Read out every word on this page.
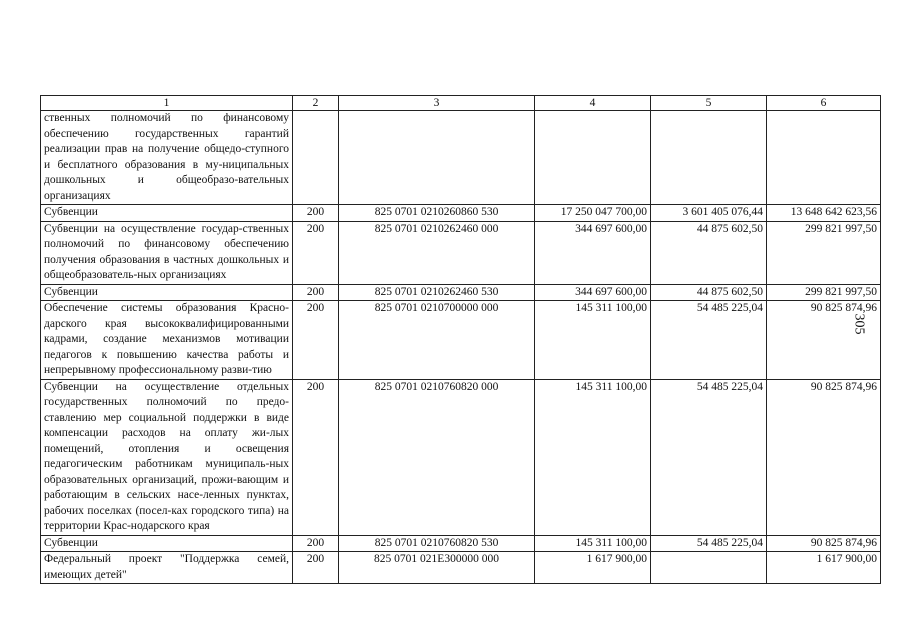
1	2	3	4	5	6
ственных полномочий по финансовому обеспечению государственных гарантий реализации прав на получение общедо-ступного и бесплатного образования в му-ниципальных дошкольных и общеобразо-вательных организациях					
Субвенции	200	825 0701 0210260860 530	17 250 047 700,00	3 601 405 076,44	13 648 642 623,56
Субвенции на осуществление государ-ственных полномочий по финансовому обеспечению получения образования в частных дошкольных и общеобразователь-ных организациях	200	825 0701 0210262460 000	344 697 600,00	44 875 602,50	299 821 997,50
Субвенции	200	825 0701 0210262460 530	344 697 600,00	44 875 602,50	299 821 997,50
Обеспечение системы образования Красно-дарского края высококвалифицированными кадрами, создание механизмов мотивации педагогов к повышению качества работы и непрерывному профессиональному разви-тию	200	825 0701 0210700000 000	145 311 100,00	54 485 225,04	90 825 874,96
Субвенции на осуществление отдельных государственных полномочий по предо-ставлению мер социальной поддержки в виде компенсации расходов на оплату жи-лых помещений, отопления и освещения педагогическим работникам муниципаль-ных образовательных организаций, прожи-вающим и работающим в сельских насе-ленных пунктах, рабочих поселках (посел-ках городского типа) на территории Крас-нодарского края	200	825 0701 0210760820 000	145 311 100,00	54 485 225,04	90 825 874,96
Субвенции	200	825 0701 0210760820 530	145 311 100,00	54 485 225,04	90 825 874,96
Федеральный проект "Поддержка семей, имеющих детей"	200	825 0701 021E300000 000	1 617 900,00		1 617 900,00
305
